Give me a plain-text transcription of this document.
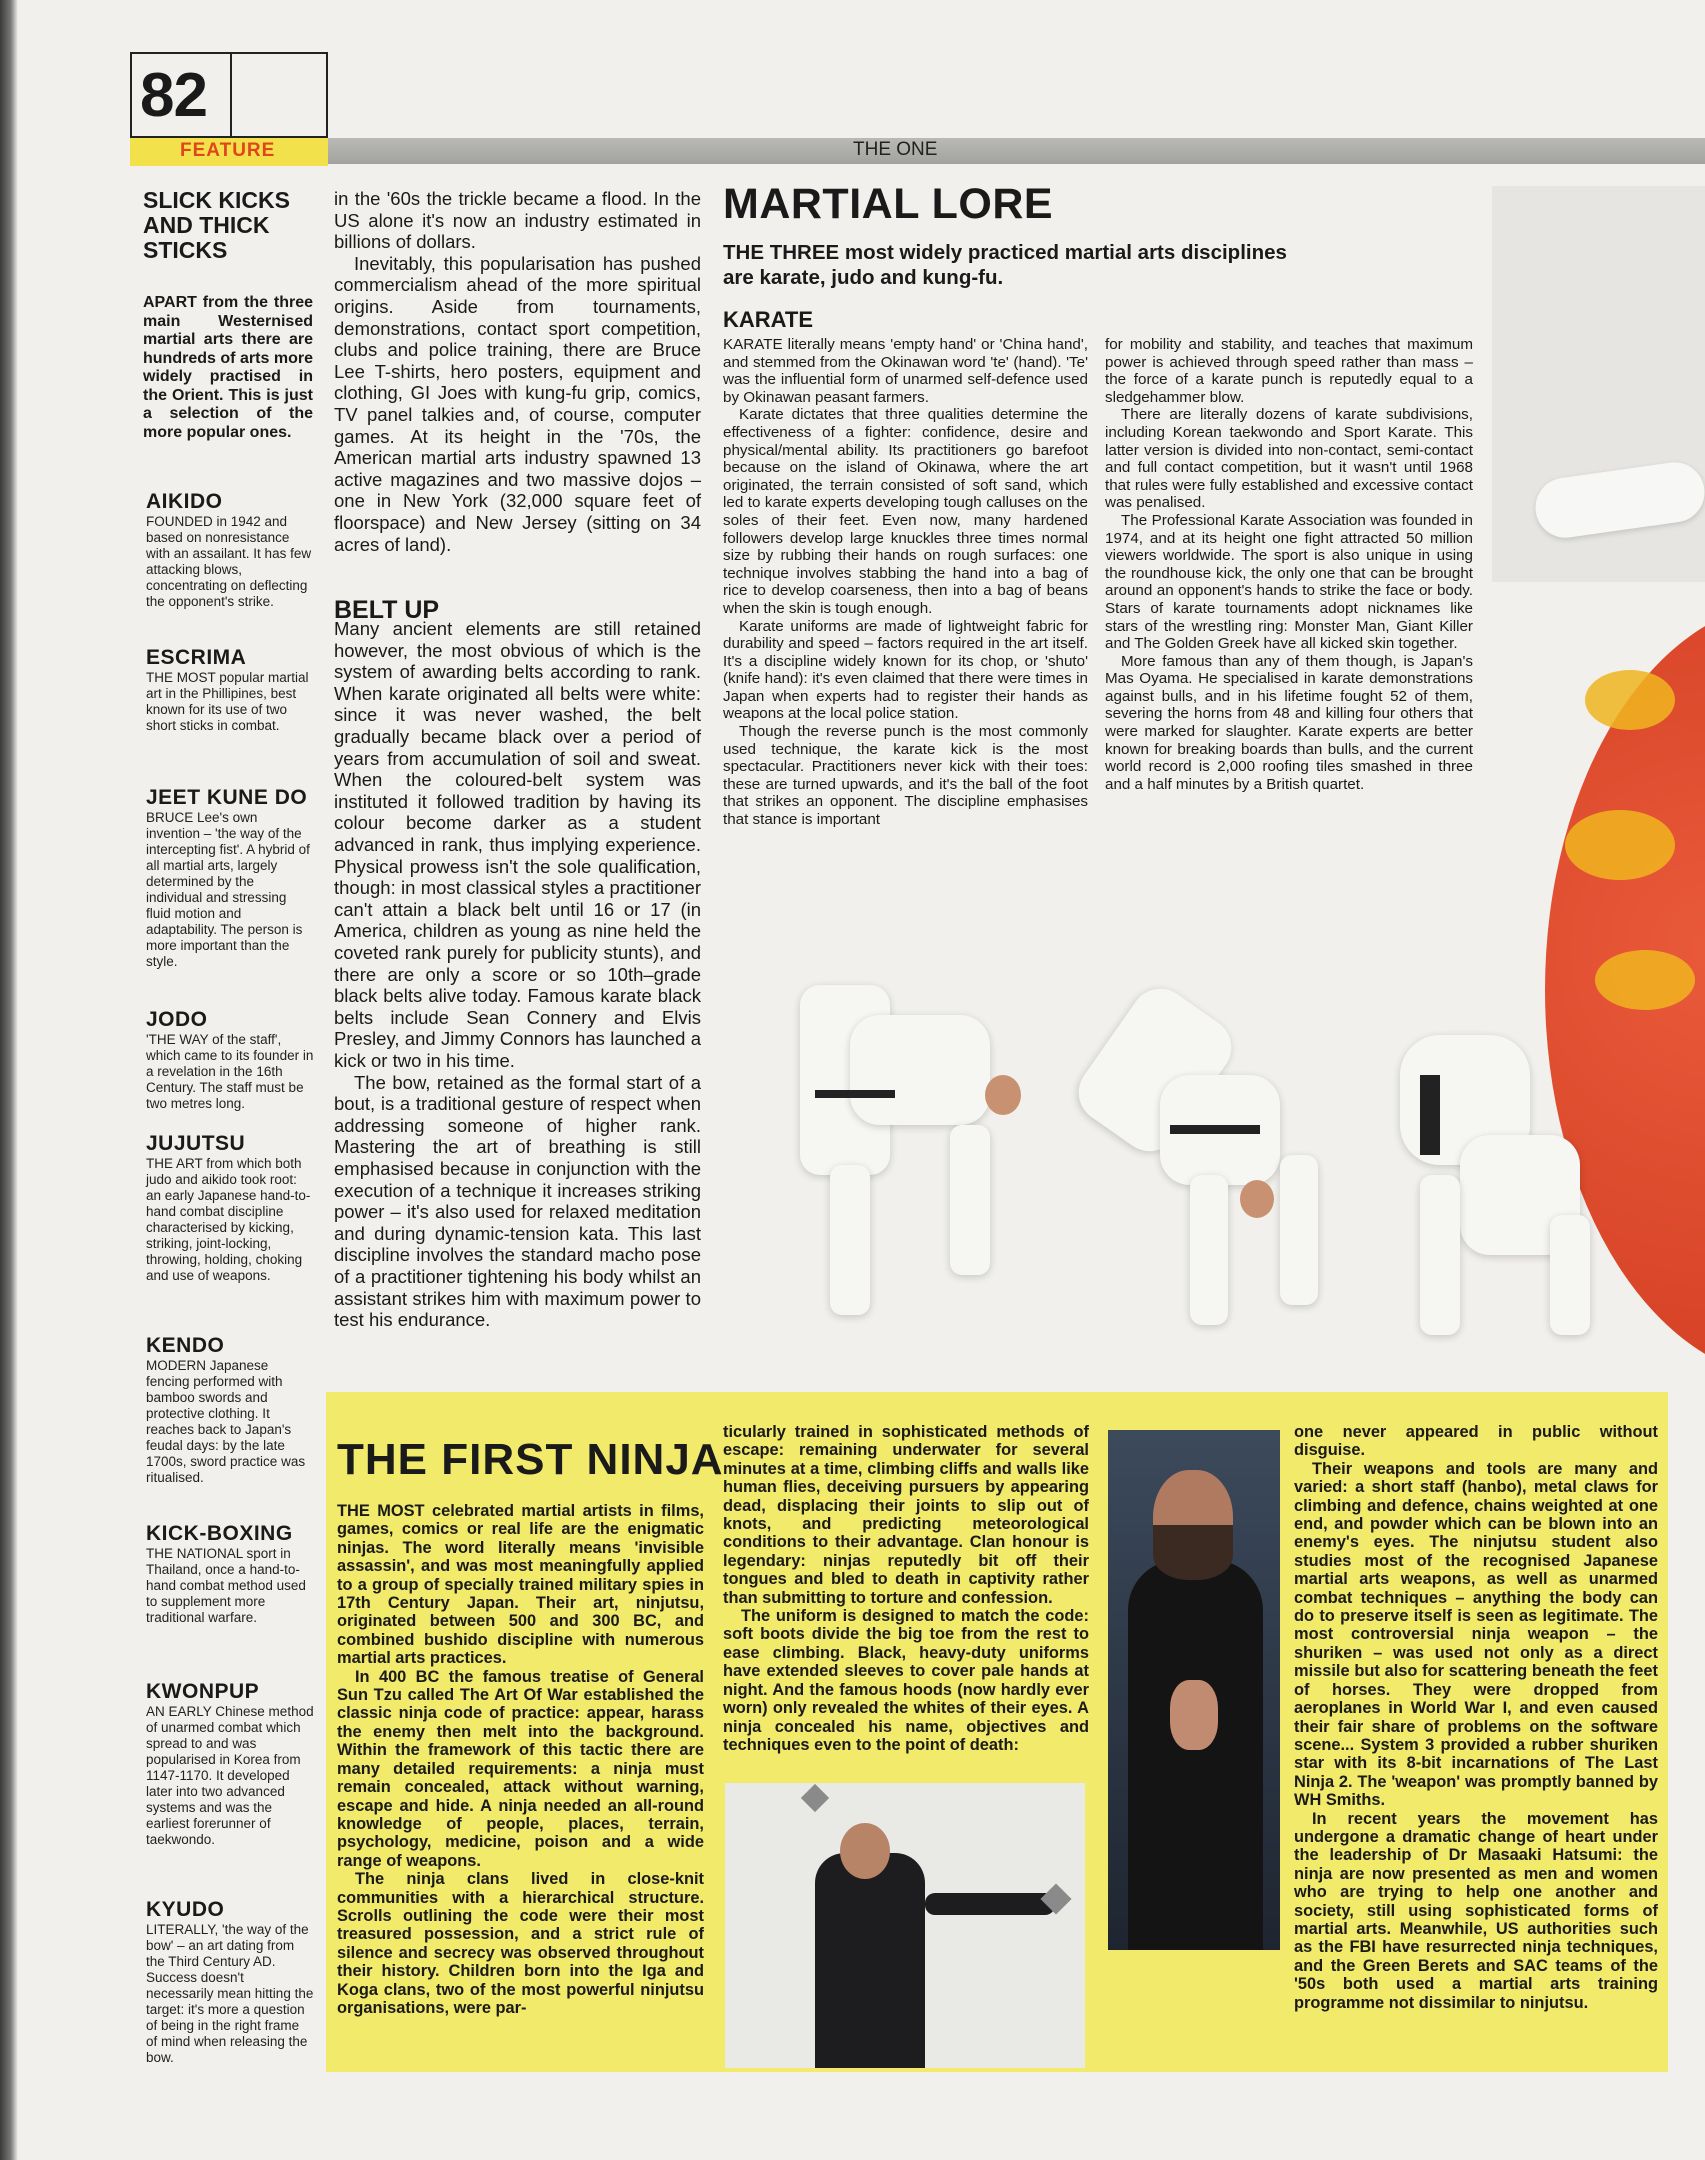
82
FEATURE	THE ONE
SLICK KICKS AND THICK STICKS
APART from the three main Westernised martial arts there are hundreds of arts more widely practised in the Orient. This is just a selection of the more popular ones.
AIKIDO
FOUNDED in 1942 and based on nonresistance with an assailant. It has few attacking blows, concentrating on deflecting the opponent's strike.
ESCRIMA
THE MOST popular martial art in the Phillipines, best known for its use of two short sticks in combat.
JEET KUNE DO
BRUCE Lee's own invention – 'the way of the intercepting fist'. A hybrid of all martial arts, largely determined by the individual and stressing fluid motion and adaptability. The person is more important than the style.
JODO
'THE WAY of the staff', which came to its founder in a revelation in the 16th Century. The staff must be two metres long.
JUJUTSU
THE ART from which both judo and aikido took root: an early Japanese hand-to-hand combat discipline characterised by kicking, striking, joint-locking, throwing, holding, choking and use of weapons.
KENDO
MODERN Japanese fencing performed with bamboo swords and protective clothing. It reaches back to Japan's feudal days: by the late 1700s, sword practice was ritualised.
KICK-BOXING
THE NATIONAL sport in Thailand, once a hand-to-hand combat method used to supplement more traditional warfare.
KWONPUP
AN EARLY Chinese method of unarmed combat which spread to and was popularised in Korea from 1147-1170. It developed later into two advanced systems and was the earliest forerunner of taekwondo.
KYUDO
LITERALLY, 'the way of the bow' – an art dating from the Third Century AD. Success doesn't necessarily mean hitting the target: it's more a question of being in the right frame of mind when releasing the bow.

in the '60s the trickle became a flood. In the US alone it's now an industry estimated in billions of dollars.

Inevitably, this popularisation has pushed commercialism ahead of the more spiritual origins. Aside from tournaments, demonstrations, contact sport competition, clubs and police training, there are Bruce Lee T-shirts, hero posters, equipment and clothing, GI Joes with kung-fu grip, comics, TV panel talkies and, of course, computer games. At its height in the '70s, the American martial arts industry spawned 13 active magazines and two massive dojos – one in New York (32,000 square feet of floorspace) and New Jersey (sitting on 34 acres of land).

Many ancient elements are still retained however, the most obvious of which is the system of awarding belts according to rank. When karate originated all belts were white: since it was never washed, the belt gradually became black over a period of years from accumulation of soil and sweat. When the coloured-belt system was instituted it followed tradition by having its colour become darker as a student advanced in rank, thus implying experience. Physical prowess isn't the sole qualification, though: in most classical styles a practitioner can't attain a black belt until 16 or 17 (in America, children as young as nine held the coveted rank purely for publicity stunts), and there are only a score or so 10th–grade black belts alive today. Famous karate black belts include Sean Connery and Elvis Presley, and Jimmy Connors has launched a kick or two in his time.

The bow, retained as the formal start of a bout, is a traditional gesture of respect when addressing someone of higher rank. Mastering the art of breathing is still emphasised because in conjunction with the execution of a technique it increases striking power – it's also used for relaxed meditation and during dynamic-tension kata. This last discipline involves the standard macho pose of a practitioner tightening his body whilst an assistant strikes him with maximum power to test his endurance.

BELT UP
MARTIAL LORE
THE THREE most widely practiced martial arts disciplines are karate, judo and kung-fu.
KARATE

KARATE literally means 'empty hand' or 'China hand', and stemmed from the Okinawan word 'te' (hand). 'Te' was the influential form of unarmed self-defence used by Okinawan peasant farmers.

Karate dictates that three qualities determine the effectiveness of a fighter: confidence, desire and physical/mental ability. Its practitioners go barefoot because on the island of Okinawa, where the art originated, the terrain consisted of soft sand, which led to karate experts developing tough calluses on the soles of their feet. Even now, many hardened followers develop large knuckles three times normal size by rubbing their hands on rough surfaces: one technique involves stabbing the hand into a bag of rice to develop coarseness, then into a bag of beans when the skin is tough enough.

Karate uniforms are made of lightweight fabric for durability and speed – factors required in the art itself. It's a discipline widely known for its chop, or 'shuto' (knife hand): it's even claimed that there were times in Japan when experts had to register their hands as weapons at the local police station.

Though the reverse punch is the most commonly used technique, the karate kick is the most spectacular. Practitioners never kick with their toes: these are turned upwards, and it's the ball of the foot that strikes an opponent. The discipline emphasises that stance is important

for mobility and stability, and teaches that maximum power is achieved through speed rather than mass – the force of a karate punch is reputedly equal to a sledgehammer blow.

There are literally dozens of karate subdivisions, including Korean taekwondo and Sport Karate. This latter version is divided into non-contact, semi-contact and full contact competition, but it wasn't until 1968 that rules were fully established and excessive contact was penalised.

The Professional Karate Association was founded in 1974, and at its height one fight attracted 50 million viewers worldwide. The sport is also unique in using the roundhouse kick, the only one that can be brought around an opponent's hands to strike the face or body. Stars of karate tournaments adopt nicknames like stars of the wrestling ring: Monster Man, Giant Killer and The Golden Greek have all kicked skin together.

More famous than any of them though, is Japan's Mas Oyama. He specialised in karate demonstrations against bulls, and in his lifetime fought 52 of them, severing the horns from 48 and killing four others that were marked for slaughter. Karate experts are better known for breaking boards than bulls, and the current world record is 2,000 roofing tiles smashed in three and a half minutes by a British quartet.

THE FIRST NINJA

THE MOST celebrated martial artists in films, games, comics or real life are the enigmatic ninjas. The word literally means 'invisible assassin', and was most meaningfully applied to a group of specially trained military spies in 17th Century Japan. Their art, ninjutsu, originated between 500 and 300 BC, and combined bushido discipline with numerous martial arts practices.

In 400 BC the famous treatise of General Sun Tzu called The Art Of War established the classic ninja code of practice: appear, harass the enemy then melt into the background. Within the framework of this tactic there are many detailed requirements: a ninja must remain concealed, attack without warning, escape and hide. A ninja needed an all-round knowledge of people, places, terrain, psychology, medicine, poison and a wide range of weapons.

The ninja clans lived in close-knit communities with a hierarchical structure. Scrolls outlining the code were their most treasured possession, and a strict rule of silence and secrecy was observed throughout their history. Children born into the Iga and Koga clans, two of the most powerful ninjutsu organisations, were par-

ticularly trained in sophisticated methods of escape: remaining underwater for several minutes at a time, climbing cliffs and walls like human flies, deceiving pursuers by appearing dead, displacing their joints to slip out of knots, and predicting meteorological conditions to their advantage. Clan honour is legendary: ninjas reputedly bit off their tongues and bled to death in captivity rather than submitting to torture and confession.

The uniform is designed to match the code: soft boots divide the big toe from the rest to ease climbing. Black, heavy-duty uniforms have extended sleeves to cover pale hands at night. And the famous hoods (now hardly ever worn) only revealed the whites of their eyes. A ninja concealed his name, objectives and techniques even to the point of death:

one never appeared in public without disguise.

Their weapons and tools are many and varied: a short staff (hanbo), metal claws for climbing and defence, chains weighted at one end, and powder which can be blown into an enemy's eyes. The ninjutsu student also studies most of the recognised Japanese martial arts weapons, as well as unarmed combat techniques – anything the body can do to preserve itself is seen as legitimate. The most controversial ninja weapon – the shuriken – was used not only as a direct missile but also for scattering beneath the feet of horses. They were dropped from aeroplanes in World War I, and even caused their fair share of problems on the software scene... System 3 provided a rubber shuriken star with its 8-bit incarnations of The Last Ninja 2. The 'weapon' was promptly banned by WH Smiths.

In recent years the movement has undergone a dramatic change of heart under the leadership of Dr Masaaki Hatsumi: the ninja are now presented as men and women who are trying to help one another and society, still using sophisticated forms of martial arts. Meanwhile, US authorities such as the FBI have resurrected ninja techniques, and the Green Berets and SAC teams of the '50s both used a martial arts training programme not dissimilar to ninjutsu.
